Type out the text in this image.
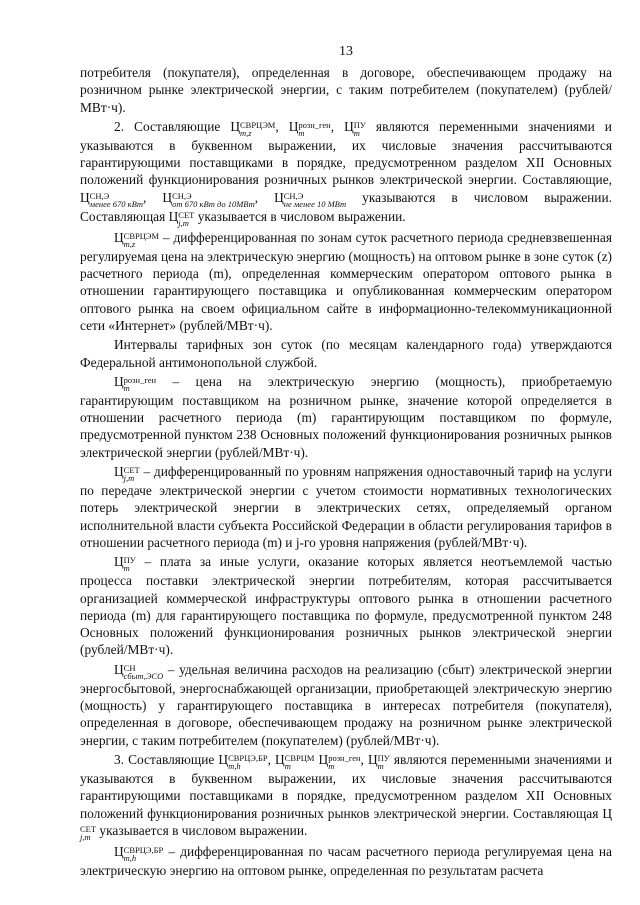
13

потребителя (покупателя), определенная в договоре, обеспечивающем продажу на розничном рынке электрической энергии, с таким потребителем (покупателем) (рублей/МВт·ч).

2. Составляющие Ц СВРЦЭМ
m,z	, Ц розн_ген
m	, Ц ПУ
m являются переменными значениями и указываются в буквенном выражении, их числовые значения рассчитываются гарантирующими поставщиками в порядке, предусмотренном разделом XII Основных положений функционирования розничных рынков электрической энергии. Составляющие, Ц СН,Э
менее 670 кВт , Ц СН,Э
от 670 кВт до 10МВт , Ц СН,Э
не менее 10 МВт указываются в числовом выражении. Составляющая Ц СЕТ
j,m указывается в числовом выражении.

Ц СВРЦЭМ
m,z	– дифференцированная по зонам суток расчетного периода средневзвешенная регулируемая цена на электрическую энергию (мощность) на оптовом рынке в зоне суток (z) расчетного периода (m), определенная коммерческим оператором оптового рынка в отношении гарантирующего поставщика и опубликованная коммерческим оператором оптового рынка на своем официальном сайте в информационно-телекоммуникационной сети «Интернет» (рублей/МВт·ч).

Интервалы тарифных зон суток (по месяцам календарного года) утверждаются Федеральной антимонопольной службой.

Ц розн_ген
m	– цена на электрическую энергию (мощность), приобретаемую гарантирующим поставщиком на розничном рынке, значение которой определяется в отношении расчетного периода (m) гарантирующим поставщиком по формуле, предусмотренной пунктом 238 Основных положений функционирования розничных рынков электрической энергии (рублей/МВт·ч).

Ц СЕТ
j,m – дифференцированный по уровням напряжения одноставочный тариф на услуги по передаче электрической энергии с учетом стоимости нормативных технологических потерь электрической энергии в электрических сетях, определяемый органом исполнительной власти субъекта Российской Федерации в области регулирования тарифов в отношении расчетного периода (m) и j-го уровня напряжения (рублей/МВт·ч).

Ц ПУ
m – плата за иные услуги, оказание которых является неотъемлемой частью процесса поставки электрической энергии потребителям, которая рассчитывается организацией коммерческой инфраструктуры оптового рынка в отношении расчетного периода (m) для гарантирующего поставщика по формуле, предусмотренной пунктом 248 Основных положений функционирования розничных рынков электрической энергии (рублей/МВт·ч).

Ц СН
сбыт,ЭСО – удельная величина расходов на реализацию (сбыт) электрической энергии энергосбытовой, энергоснабжающей организации, приобретающей электрическую энергию (мощность) у гарантирующего поставщика в интересах потребителя (покупателя), определенная в договоре, обеспечивающем продажу на розничном рынке электрической энергии, с таким потребителем (покупателем) (рублей/МВт·ч).

3. Составляющие Ц СВРЦЭ,БР
m,h	, Ц СВРЦМ
m	Ц розн_ген
m	, Ц ПУ
m являются переменными значениями и указываются в буквенном выражении, их числовые значения рассчитываются гарантирующими поставщиками в порядке, предусмотренном разделом XII Основных положений функционирования розничных рынков электрической энергии. Составляющая Ц
СЕТ
j,m указывается в числовом выражении.

Ц СВРЦЭ,БР
m,h	– дифференцированная по часам расчетного периода регулируемая цена на электрическую энергию на оптовом рынке, определенная по результатам расчета
